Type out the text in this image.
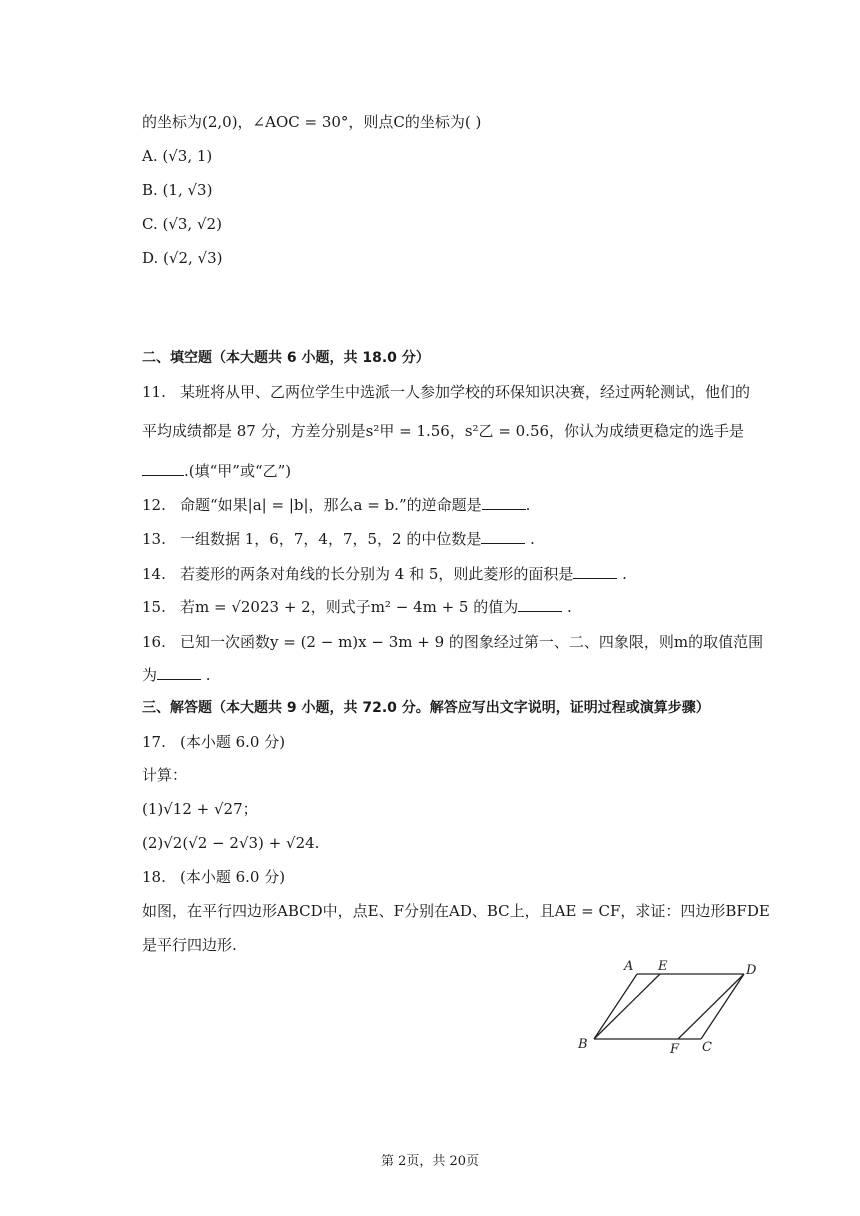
的坐标为(2,0)，∠AOC = 30°，则点C的坐标为( )
A. (√3, 1)
B. (1, √3)
C. (√3, √2)
D. (√2, √3)
二、填空题（本大题共 6 小题，共 18.0 分）
11. 某班将从甲、乙两位学生中选派一人参加学校的环保知识决赛，经过两轮测试，他们的
平均成绩都是 87 分，方差分别是s²甲 = 1.56，s²乙 = 0.56，你认为成绩更稳定的选手是
.(填“甲”或“乙”)
12. 命题“如果|a| = |b|，那么a = b.”的逆命题是	.
13. 一组数据 1，6，7，4，7，5，2 的中位数是	.
14. 若菱形的两条对角线的长分别为 4 和 5，则此菱形的面积是	.
15. 若m = √2023 + 2，则式子m² − 4m + 5 的值为	.
16. 已知一次函数y = (2 − m)x − 3m + 9 的图象经过第一、二、四象限，则m的取值范围
为	.
三、解答题（本大题共 9 小题，共 72.0 分。解答应写出文字说明，证明过程或演算步骤）
17. (本小题 6.0 分)
计算：
(1)√12 + √27；
(2)√2(√2 − 2√3) + √24.
18. (本小题 6.0 分)
如图，在平行四边形ABCD中，点E、F分别在AD、BC上，且AE = CF，求证：四边形BFDE
是平行四边形.
A E	D
B	F C
第 2页，共 20页
